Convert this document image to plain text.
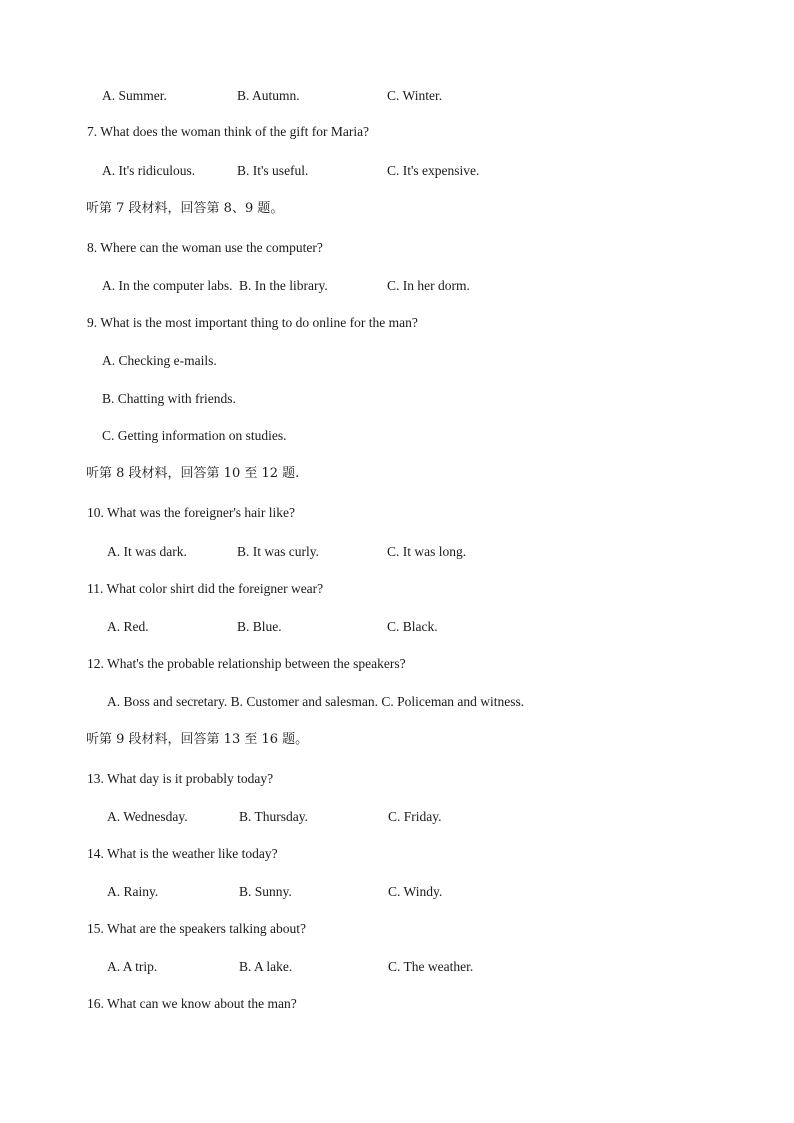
A. Summer.	B. Autumn.	C. Winter.
7. What does the woman think of the gift for Maria?
A. It's ridiculous.	B. It's useful.	C. It's expensive.
听第 7 段材料，回答第 8、9 题。
8. Where can the woman use the computer?
A. In the computer labs. B. In the library.	C. In her dorm.
9. What is the most important thing to do online for the man?
A. Checking e-mails.
B. Chatting with friends.
C. Getting information on studies.
听第 8 段材料，回答第 10 至 12 题.
10. What was the foreigner's hair like?
A. It was dark.	B. It was curly.	C. It was long.
11. What color shirt did the foreigner wear?
A. Red.	B. Blue.	C. Black.
12. What's the probable relationship between the speakers?
A. Boss and secretary. B. Customer and salesman. C. Policeman and witness.
听第 9 段材料，回答第 13 至 16 题。
13. What day is it probably today?
A. Wednesday.	B. Thursday.	C. Friday.
14. What is the weather like today?
A. Rainy.	B. Sunny.	C. Windy.
15. What are the speakers talking about?
A. A trip.	B. A lake.	C. The weather.
16. What can we know about the man?
